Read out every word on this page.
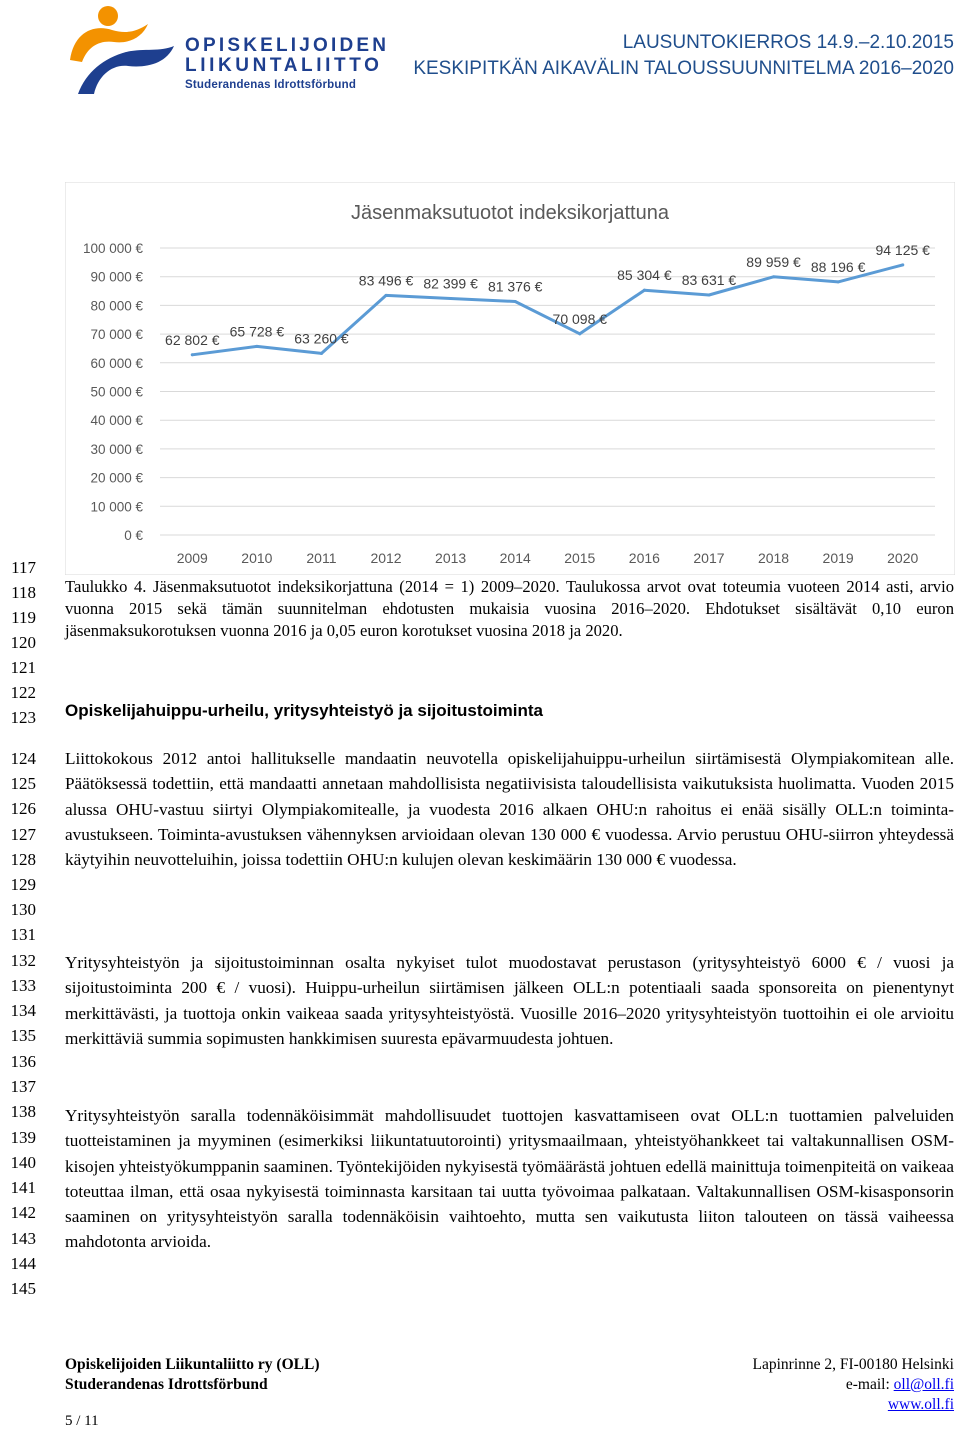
OPISKELIJOIDEN
LIIKUNTALIITTO
Studerandenas Idrottsförbund
LAUSUNTOKIERROS 14.9.–2.10.2015
KESKIPITKÄN AIKAVÄLIN TALOUSSUUNNITELMA 2016–2020
Jäsenmaksutuotot indeksikorjattuna
0 €
10 000 €
20 000 €
30 000 €
40 000 €
50 000 €
60 000 €
70 000 €
80 000 €
90 000 €
100 000 €
2009 2010 2011 2012 2013 2014 2015 2016 2017 2018 2019 2020
62 802 €
65 728 € 63 260 €
83 496 € 82 399 € 81 376 €
70 098 €
85 304 € 83 631 €
89 959 € 88 196 €
94 125 €
117
118
119
120
121
122
123
124
125
126
127
128
129
130
131
132
133
134
135
136
137
138
139
140
141
142
143
144
145
Taulukko 4. Jäsenmaksutuotot indeksikorjattuna (2014 = 1) 2009–2020. Taulukossa arvot ovat toteumia vuoteen 2014 asti, arvio vuonna 2015 sekä tämän suunnitelman ehdotusten mukaisia vuosina 2016–2020. Ehdotukset sisältävät 0,10 euron jäsenmaksukorotuksen vuonna 2016 ja 0,05 euron korotukset vuosina 2018 ja 2020.
Opiskelijahuippu-urheilu, yritysyhteistyö ja sijoitustoiminta
Liittokokous 2012 antoi hallitukselle mandaatin neuvotella opiskelijahuippu-urheilun siirtämisestä Olympiakomitean alle. Päätöksessä todettiin, että mandaatti annetaan mahdollisista negatiivisista taloudellisista vaikutuksista huolimatta. Vuoden 2015 alussa OHU-vastuu siirtyi Olympiakomitealle, ja vuodesta 2016 alkaen OHU:n rahoitus ei enää sisälly OLL:n toiminta-avustukseen. Toiminta-avustuksen vähennyksen arvioidaan olevan 130 000 € vuodessa. Arvio perustuu OHU-siirron yhteydessä käytyihin neuvotteluihin, joissa todettiin OHU:n kulujen olevan keskimäärin 130 000 € vuodessa.
Yritysyhteistyön ja sijoitustoiminnan osalta nykyiset tulot muodostavat perustason (yritysyhteistyö 6000 € / vuosi ja sijoitustoiminta 200 € / vuosi). Huippu-urheilun siirtämisen jälkeen OLL:n potentiaali saada sponsoreita on pienentynyt merkittävästi, ja tuottoja onkin vaikeaa saada yritysyhteistyöstä. Vuosille 2016–2020 yritysyhteistyön tuottoihin ei ole arvioitu merkittäviä summia sopimusten hankkimisen suuresta epävarmuudesta johtuen.
Yritysyhteistyön saralla todennäköisimmät mahdollisuudet tuottojen kasvattamiseen ovat OLL:n tuottamien palveluiden tuotteistaminen ja myyminen (esimerkiksi liikuntatuutorointi) yritysmaailmaan, yhteistyöhankkeet tai valtakunnallisen OSM-kisojen yhteistyökumppanin saaminen. Työntekijöiden nykyisestä työmäärästä johtuen edellä mainittuja toimenpiteitä on vaikeaa toteuttaa ilman, että osaa nykyisestä toiminnasta karsitaan tai uutta työvoimaa palkataan. Valtakunnallisen OSM-kisasponsorin saaminen on yritysyhteistyön saralla todennäköisin vaihtoehto, mutta sen vaikutusta liiton talouteen on tässä vaiheessa mahdotonta arvioida.
Opiskelijoiden Liikuntaliitto ry (OLL)
Studerandenas Idrottsförbund
Lapinrinne 2, FI-00180 Helsinki
e-mail: oll@oll.fi
www.oll.fi
5 / 11
